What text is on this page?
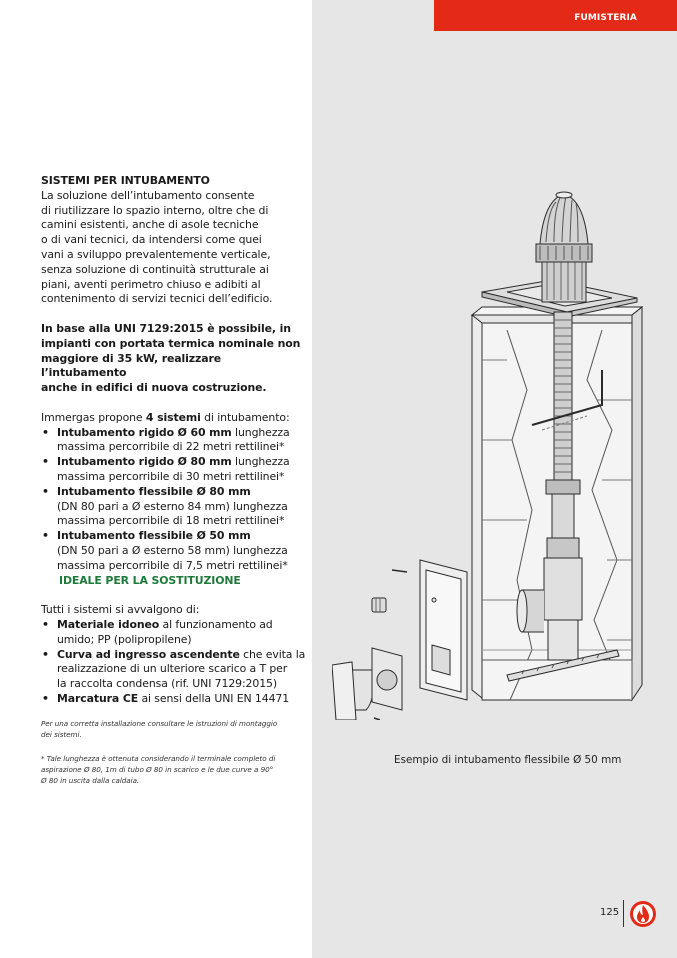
FUMISTERIA
SISTEMI PER INTUBAMENTO

La soluzione dell’intubamento consente

di riutilizzare lo spazio interno, oltre che di

camini esistenti, anche di asole tecniche

o di vani tecnici, da intendersi come quei

vani a sviluppo prevalentemente verticale,

senza soluzione di continuità strutturale ai

piani, aventi perimetro chiuso e adibiti al

contenimento di servizi tecnici dell’edificio.

In base alla UNI 7129:2015 è possibile, in

impianti con portata termica nominale non

maggiore di 35 kW, realizzare l’intubamento

anche in edifici di nuova costruzione.

Immergas propone 4 sistemi di intubamento:

• Intubamento rigido Ø 60 mm lunghezza

massima percorribile di 22 metri rettilinei*

• Intubamento rigido Ø 80 mm lunghezza

massima percorribile di 30 metri rettilinei*

• Intubamento flessibile Ø 80 mm

(DN 80 pari a Ø esterno 84 mm) lunghezza

massima percorribile di 18 metri rettilinei*

• Intubamento flessibile Ø 50 mm

(DN 50 pari a Ø esterno 58 mm) lunghezza

massima percorribile di 7,5 metri rettilinei*

IDEALE PER LA SOSTITUZIONE

Tutti i sistemi si avvalgono di:

• Materiale idoneo al funzionamento ad

umido; PP (polipropilene)

• Curva ad ingresso ascendente che evita la

realizzazione di un ulteriore scarico a T per

la raccolta condensa (rif. UNI 7129:2015)

• Marcatura CE ai sensi della UNI EN 14471

Per una corretta installazione consultare le istruzioni di montaggio

dei sistemi.

* Tale lunghezza è ottenuta considerando il terminale completo di

aspirazione Ø 80, 1m di tubo Ø 80 in scarico e le due curve a 90°

Ø 80 in uscita dalla caldaia.

Esempio di intubamento flessibile Ø 50 mm
125
